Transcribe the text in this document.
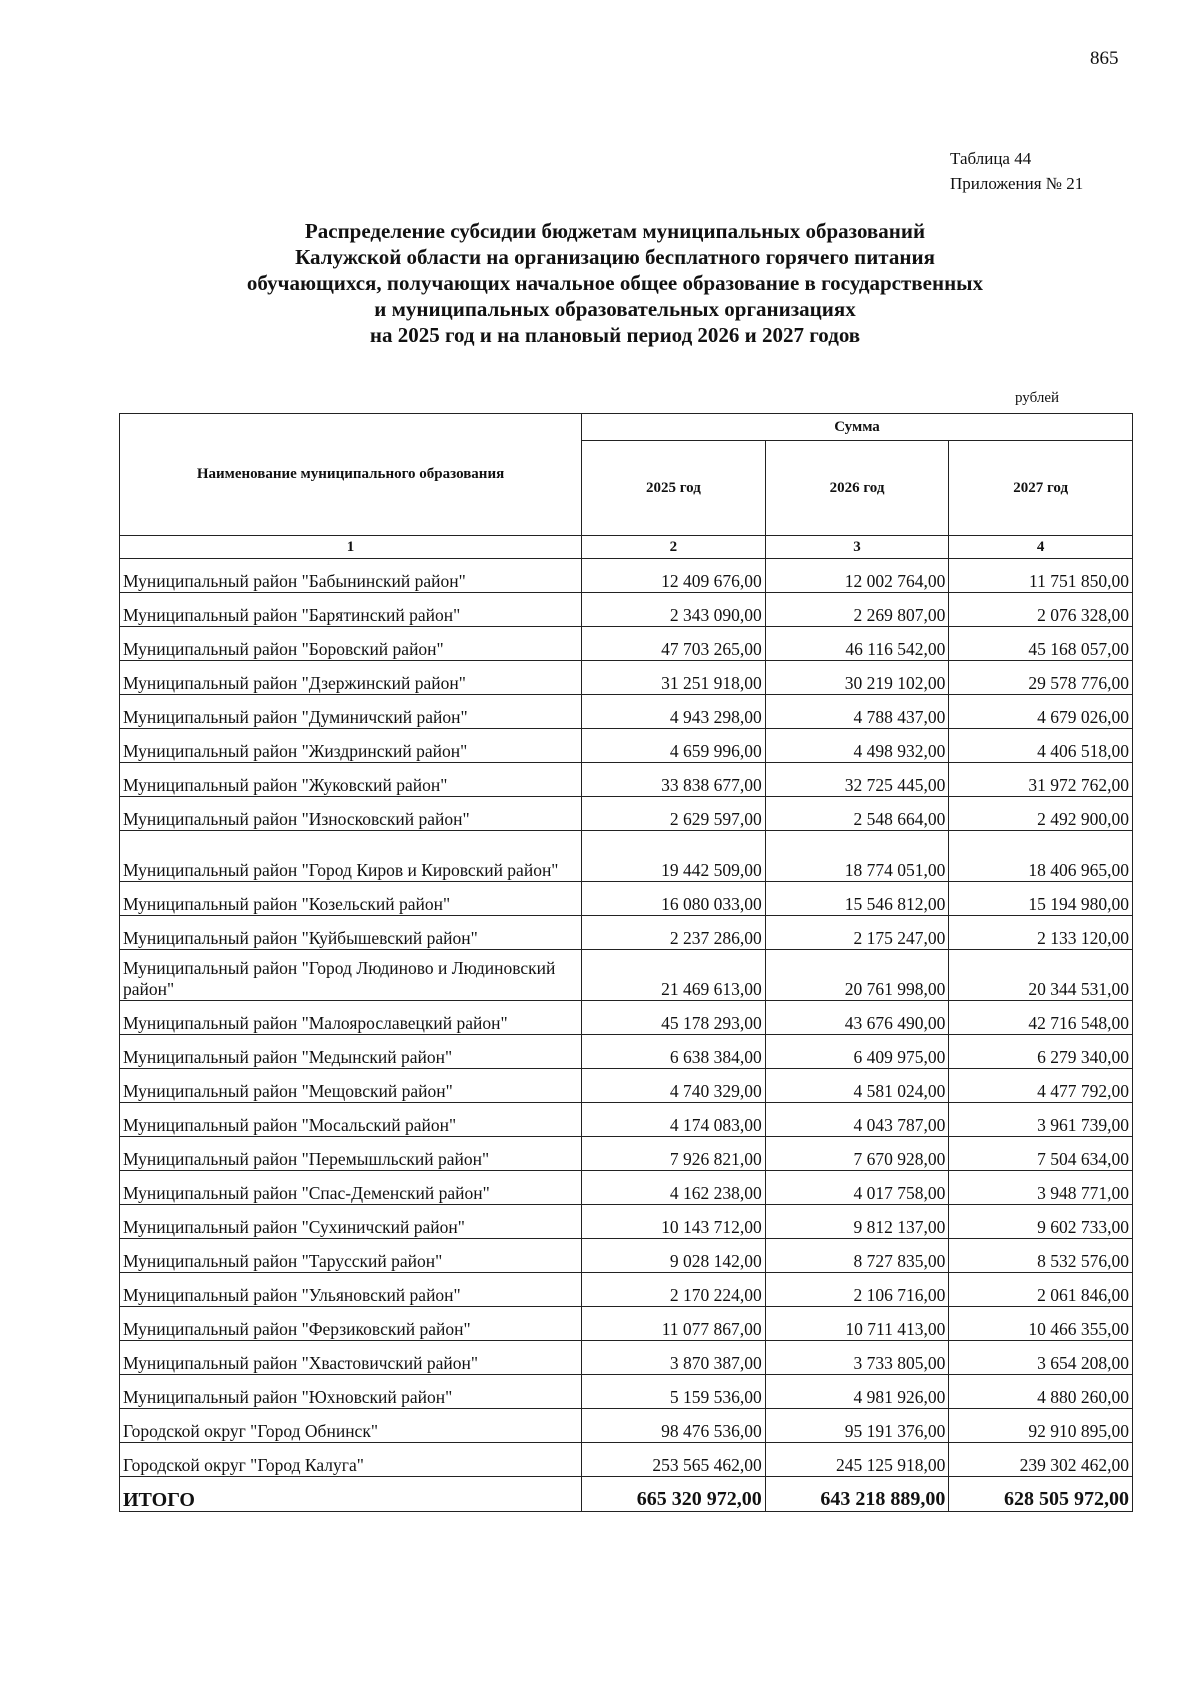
865
Таблица 44
Приложения № 21
Распределение субсидии бюджетам муниципальных образований
Калужской области на организацию бесплатного горячего питания
обучающихся, получающих начальное общее образование в государственных
и муниципальных образовательных организациях
на 2025 год и на плановый период 2026 и 2027 годов
рублей
Наименование муниципального образования	Сумма		
	2025 год	2026 год	2027 год
1	2	3	4
Муниципальный район "Бабынинский район"	12 409 676,00	12 002 764,00	11 751 850,00
Муниципальный район "Барятинский район"	2 343 090,00	2 269 807,00	2 076 328,00
Муниципальный район "Боровский район"	47 703 265,00	46 116 542,00	45 168 057,00
Муниципальный район "Дзержинский район"	31 251 918,00	30 219 102,00	29 578 776,00
Муниципальный район "Думиничский район"	4 943 298,00	4 788 437,00	4 679 026,00
Муниципальный район "Жиздринский район"	4 659 996,00	4 498 932,00	4 406 518,00
Муниципальный район "Жуковский район"	33 838 677,00	32 725 445,00	31 972 762,00
Муниципальный район "Износковский район"	2 629 597,00	2 548 664,00	2 492 900,00
Муниципальный район "Город Киров и Кировский район"	19 442 509,00	18 774 051,00	18 406 965,00
Муниципальный район "Козельский район"	16 080 033,00	15 546 812,00	15 194 980,00
Муниципальный район "Куйбышевский район"	2 237 286,00	2 175 247,00	2 133 120,00
Муниципальный район "Город Людиново и Людиновский район"	21 469 613,00	20 761 998,00	20 344 531,00
Муниципальный район "Малоярославецкий район"	45 178 293,00	43 676 490,00	42 716 548,00
Муниципальный район "Медынский район"	6 638 384,00	6 409 975,00	6 279 340,00
Муниципальный район "Мещовский район"	4 740 329,00	4 581 024,00	4 477 792,00
Муниципальный район "Мосальский район"	4 174 083,00	4 043 787,00	3 961 739,00
Муниципальный район "Перемышльский район"	7 926 821,00	7 670 928,00	7 504 634,00
Муниципальный район "Спас-Деменский район"	4 162 238,00	4 017 758,00	3 948 771,00
Муниципальный район "Сухиничский район"	10 143 712,00	9 812 137,00	9 602 733,00
Муниципальный район "Тарусский район"	9 028 142,00	8 727 835,00	8 532 576,00
Муниципальный район "Ульяновский район"	2 170 224,00	2 106 716,00	2 061 846,00
Муниципальный район "Ферзиковский район"	11 077 867,00	10 711 413,00	10 466 355,00
Муниципальный район "Хвастовичский район"	3 870 387,00	3 733 805,00	3 654 208,00
Муниципальный район "Юхновский район"	5 159 536,00	4 981 926,00	4 880 260,00
Городской округ "Город Обнинск"	98 476 536,00	95 191 376,00	92 910 895,00
Городской округ "Город Калуга"	253 565 462,00	245 125 918,00	239 302 462,00
ИТОГО	665 320 972,00	643 218 889,00	628 505 972,00
